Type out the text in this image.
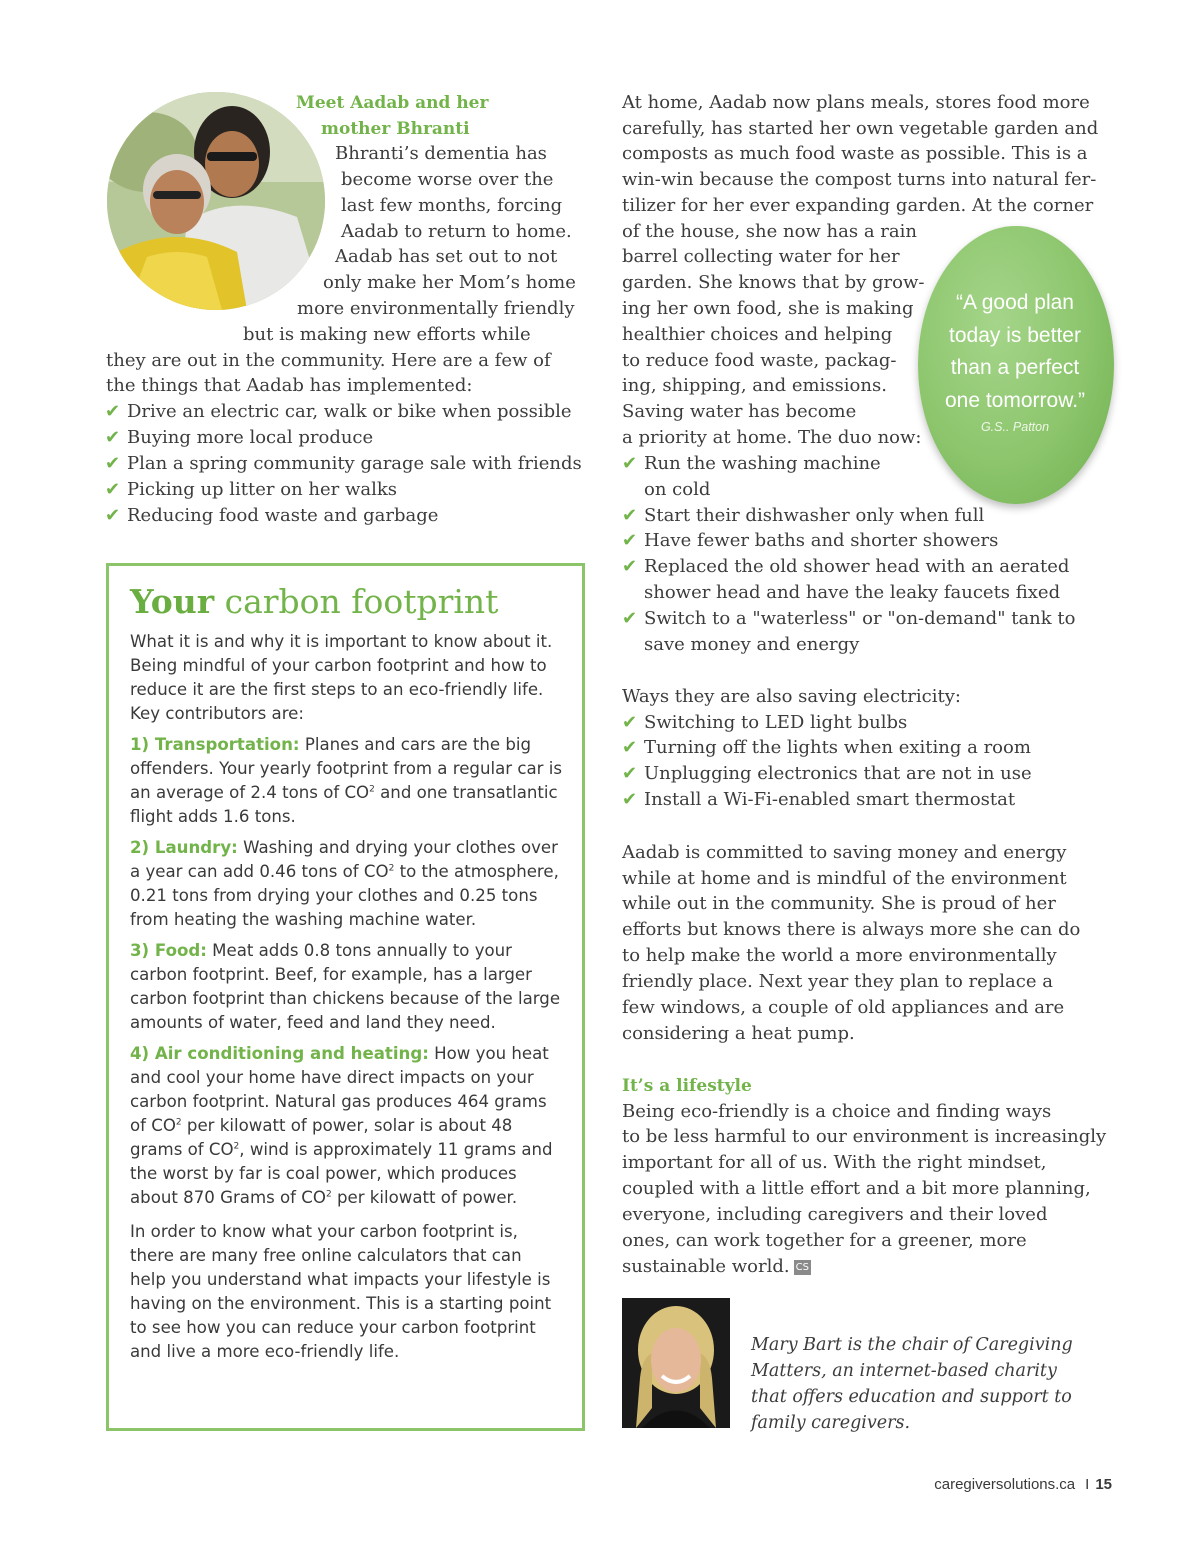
Meet Aadab and her
mother Bhranti
Bhranti’s dementia has
become worse over the
last few months, forcing
Aadab to return to home.
Aadab has set out to not
only make her Mom’s home
more environmentally friendly
but is making new efforts while
they are out in the community. Here are a few of
the things that Aadab has implemented:
✔ Drive an electric car, walk or bike when possible
✔ Buying more local produce
✔ Plan a spring community garage sale with friends
✔ Picking up litter on her walks
✔ Reducing food waste and garbage
Your carbon footprint

What it is and why it is important to know about it. Being mindful of your carbon footprint and how to reduce it are the first steps to an eco-friendly life. Key contributors are:

1) Transportation: Planes and cars are the big offenders. Your yearly footprint from a regular car is an average of 2.4 tons of $CO^2$ and one transatlantic flight adds 1.6 tons.

2) Laundry: Washing and drying your clothes over a year can add 0.46 tons of $CO^2$ to the atmosphere, 0.21 tons from drying your clothes and 0.25 tons from heating the washing machine water.

3) Food: Meat adds 0.8 tons annually to your carbon footprint. Beef, for example, has a larger carbon footprint than chickens because of the large amounts of water, feed and land they need.

4) Air conditioning and heating: How you heat and cool your home have direct impacts on your carbon footprint. Natural gas produces 464 grams of $CO^2$ per kilowatt of power, solar is about 48 grams of $CO^2$, wind is approximately 11 grams and the worst by far is coal power, which produces about 870 Grams of $CO^2$ per kilowatt of power.

In order to know what your carbon footprint is, there are many free online calculators that can help you understand what impacts your lifestyle is having on the environment. This is a starting point to see how you can reduce your carbon footprint and live a more eco-friendly life.

At home, Aadab now plans meals, stores food more
carefully, has started her own vegetable garden and
composts as much food waste as possible. This is a
win-win because the compost turns into natural fer-
tilizer for her ever expanding garden. At the corner
of the house, she now has a rain
barrel collecting water for her
garden. She knows that by grow-
ing her own food, she is making
healthier choices and helping
to reduce food waste, packag-
ing, shipping, and emissions.
Saving water has become
a priority at home. The duo now:
✔ Run the washing machine
on cold
✔ Start their dishwasher only when full
✔ Have fewer baths and shorter showers
✔ Replaced the old shower head with an aerated
shower head and have the leaky faucets fixed
✔ Switch to a "waterless" or "on-demand" tank to
save money and energy
Ways they are also saving electricity:
✔ Switching to LED light bulbs
✔ Turning off the lights when exiting a room
✔ Unplugging electronics that are not in use
✔ Install a Wi-Fi-enabled smart thermostat
Aadab is committed to saving money and energy
while at home and is mindful of the environment
while out in the community. She is proud of her
efforts but knows there is always more she can do
to help make the world a more environmentally
friendly place. Next year they plan to replace a
few windows, a couple of old appliances and are
considering a heat pump.
It’s a lifestyle
Being eco-friendly is a choice and finding ways
to be less harmful to our environment is increasingly
important for all of us. With the right mindset,
coupled with a little effort and a bit more planning,
everyone, including caregivers and their loved
ones, can work together for a greener, more
sustainable world. CS
“A good plan
today is better
than a perfect
one tomorrow.”
G.S.. Patton
Mary Bart is the chair of Caregiving
Matters, an internet-based charity
that offers education and support to
family caregivers.
caregiversolutions.ca I 15
